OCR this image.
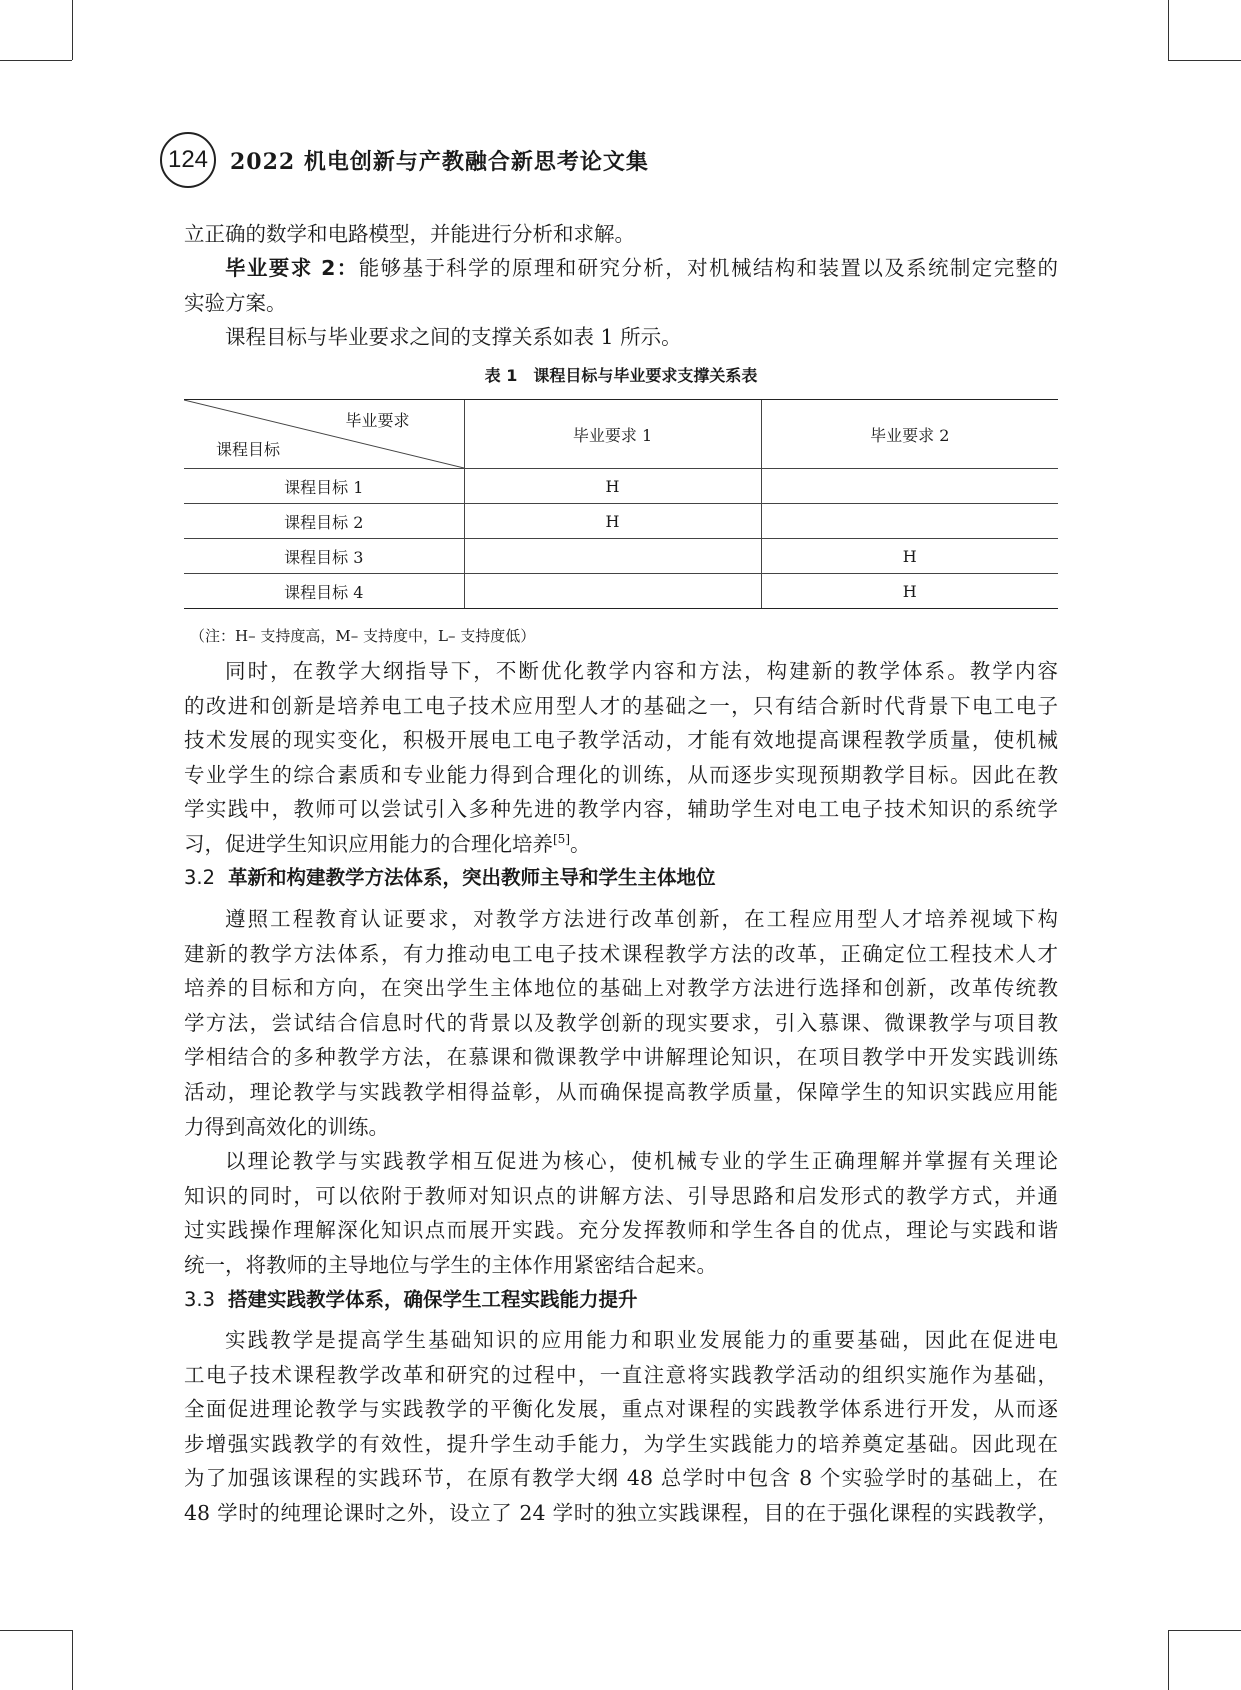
124 2022 机电创新与产教融合新思考论文集
立正确的数学和电路模型，并能进行分析和求解。
毕业要求 2：能够基于科学的原理和研究分析，对机械结构和装置以及系统制定完整的
实验方案。
课程目标与毕业要求之间的支撑关系如表 1 所示。
表 1　课程目标与毕业要求支撑关系表
毕业要求
课程目标	毕业要求 1	毕业要求 2
课程目标 1	H	
课程目标 2	H	
课程目标 3		H
课程目标 4		H
（注：H– 支持度高，M– 支持度中，L– 支持度低）
同时，在教学大纲指导下，不断优化教学内容和方法，构建新的教学体系。教学内容
的改进和创新是培养电工电子技术应用型人才的基础之一，只有结合新时代背景下电工电子
技术发展的现实变化，积极开展电工电子教学活动，才能有效地提高课程教学质量，使机械
专业学生的综合素质和专业能力得到合理化的训练，从而逐步实现预期教学目标。因此在教
学实践中，教师可以尝试引入多种先进的教学内容，辅助学生对电工电子技术知识的系统学
习，促进学生知识应用能力的合理化培养[5]。
3.2 革新和构建教学方法体系，突出教师主导和学生主体地位
遵照工程教育认证要求，对教学方法进行改革创新，在工程应用型人才培养视域下构
建新的教学方法体系，有力推动电工电子技术课程教学方法的改革，正确定位工程技术人才
培养的目标和方向，在突出学生主体地位的基础上对教学方法进行选择和创新，改革传统教
学方法，尝试结合信息时代的背景以及教学创新的现实要求，引入慕课、微课教学与项目教
学相结合的多种教学方法，在慕课和微课教学中讲解理论知识，在项目教学中开发实践训练
活动，理论教学与实践教学相得益彰，从而确保提高教学质量，保障学生的知识实践应用能
力得到高效化的训练。
以理论教学与实践教学相互促进为核心，使机械专业的学生正确理解并掌握有关理论
知识的同时，可以依附于教师对知识点的讲解方法、引导思路和启发形式的教学方式，并通
过实践操作理解深化知识点而展开实践。充分发挥教师和学生各自的优点，理论与实践和谐
统一，将教师的主导地位与学生的主体作用紧密结合起来。
3.3 搭建实践教学体系，确保学生工程实践能力提升
实践教学是提高学生基础知识的应用能力和职业发展能力的重要基础，因此在促进电
工电子技术课程教学改革和研究的过程中，一直注意将实践教学活动的组织实施作为基础，
全面促进理论教学与实践教学的平衡化发展，重点对课程的实践教学体系进行开发，从而逐
步增强实践教学的有效性，提升学生动手能力，为学生实践能力的培养奠定基础。因此现在
为了加强该课程的实践环节，在原有教学大纲 48 总学时中包含 8 个实验学时的基础上，在
48 学时的纯理论课时之外，设立了 24 学时的独立实践课程，目的在于强化课程的实践教学，
